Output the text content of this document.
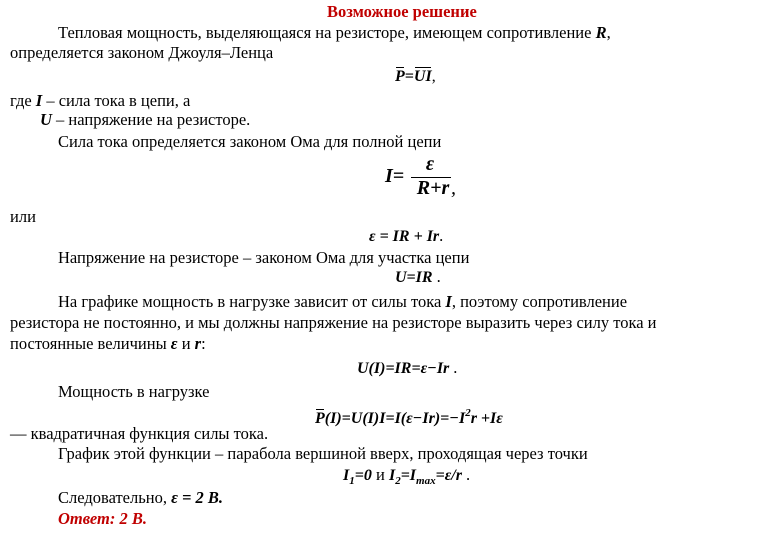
Возможное решение
Тепловая мощность, выделяющаяся на резисторе, имеющем сопротивление R,
определяется законом Джоуля–Ленца
P=UI,
где I – сила тока в цепи, а
U – напряжение на резисторе.
Сила тока определяется законом Ома для полной цепи
I=
ε
R+r ,
или
ε = IR + Ir.
Напряжение на резисторе – законом Ома для участка цепи
U=IR .
На графике мощность в нагрузке зависит от силы тока I, поэтому сопротивление
резистора не постоянно, и мы должны напряжение на резисторе выразить через силу тока и
постоянные величины ε и r:
U(I)=IR=ε−Ir .
Мощность в нагрузке
$P(I)=U(I)I=I(\varepsilon-Ir)=-I^2r +I\varepsilon$
— квадратичная функция силы тока.
График этой функции – парабола вершиной вверх, проходящая через точки
$I_1=0$ и $I_2=I_{max}=\varepsilon/r$ .
Следовательно, ε = 2 В.
Ответ: 2 В.
